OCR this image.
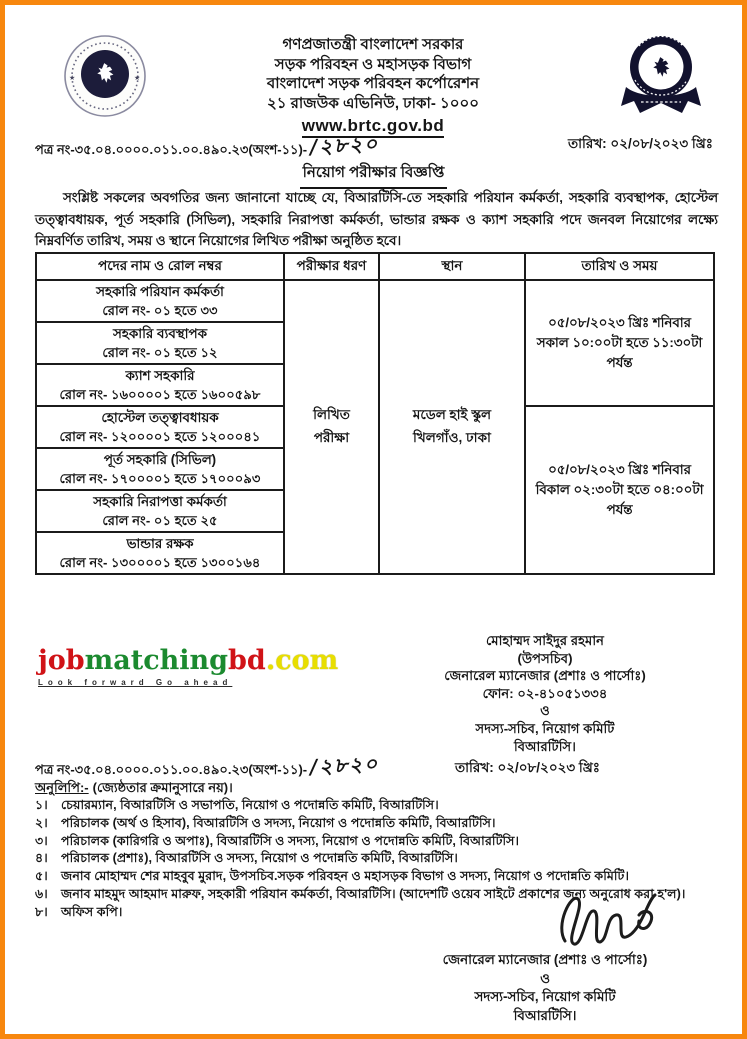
★	★
গণপ্রজাতন্ত্রী বাংলাদেশ সরকার
সড়ক পরিবহন ও মহাসড়ক বিভাগ
বাংলাদেশ সড়ক পরিবহন কর্পোরেশন
২১ রাজউক এভিনিউ, ঢাকা- ১০০০
www.brtc.gov.bd
পত্র নং-৩৫.০৪.০০০০.০১১.০০.৪৯০.২৩(অংশ-১১)- /২৮২০	তারিখ: ০২/০৮/২০২৩ খ্রিঃ
নিয়োগ পরীক্ষার বিজ্ঞপ্তি
সংশ্লিষ্ট সকলের অবগতির জন্য জানানো যাচ্ছে যে, বিআরটিসি-তে সহকারি পরিযান কর্মকর্তা, সহকারি ব্যবস্থাপক, হোস্টেল তত্ত্বাবধায়ক, পূর্ত সহকারি (সিভিল), সহকারি নিরাপত্তা কর্মকর্তা, ভান্ডার রক্ষক ও ক্যাশ সহকারি পদে জনবল নিয়োগের লক্ষ্যে নিম্নবর্ণিত তারিখ, সময় ও স্থানে নিয়োগের লিখিত পরীক্ষা অনুষ্ঠিত হবে।
পদের নাম ও রোল নম্বর	পরীক্ষার ধরণ	স্থান	তারিখ ও সময়

সহকারি পরিযান কর্মকর্তা
রোল নং- ০১ হতে ৩৩	লিখিত পরীক্ষা	মডেল হাই স্কুল খিলগাঁও, ঢাকা	০৫/০৮/২০২৩ খ্রিঃ শনিবার
সকাল ১০:০০টা হতে ১১:৩০টা
পর্যন্ত

সহকারি ব্যবস্থাপক
রোল নং- ০১ হতে ১২			

ক্যাশ সহকারি
রোল নং- ১৬০০০০১ হতে ১৬০০৫৯৮			

হোস্টেল তত্ত্বাবধায়ক
রোল নং- ১২০০০০১ হতে ১২০০০৪১			০৫/০৮/২০২৩ খ্রিঃ শনিবার
বিকাল ০২:৩০টা হতে ০৪:০০টা
পর্যন্ত

পূর্ত সহকারি (সিভিল)
রোল নং- ১৭০০০০১ হতে ১৭০০০৯৩			

সহকারি নিরাপত্তা কর্মকর্তা
রোল নং- ০১ হতে ২৫			

ভান্ডার রক্ষক
রোল নং- ১৩০০০০১ হতে ১৩০০১৬৪			
jobmatchingbd.com
Look forward Go ahead
মোহাম্মদ সাইদুর রহমান
(উপসচিব)
জেনারেল ম্যানেজার (প্রশাঃ ও পার্সোঃ)
ফোন: ০২-৪১০৫১৩৩৪
ও
সদস্য-সচিব, নিয়োগ কমিটি
বিআরটিসি।
তারিখ: ০২/০৮/২০২৩ খ্রিঃ
পত্র নং-৩৫.০৪.০০০০.০১১.০০.৪৯০.২৩(অংশ-১১)- /২৮২০
অনুলিপি:- (জ্যেষ্ঠতার ক্রমানুসারে নয়)।
১।	চেয়ারম্যান, বিআরটিসি ও সভাপতি, নিয়োগ ও পদোন্নতি কমিটি, বিআরটিসি।
২।	পরিচালক (অর্থ ও হিসাব), বিআরটিসি ও সদস্য, নিয়োগ ও পদোন্নতি কমিটি, বিআরটিসি।
৩।	পরিচালক (কারিগরি ও অপাঃ), বিআরটিসি ও সদস্য, নিয়োগ ও পদোন্নতি কমিটি, বিআরটিসি।
৪।	পরিচালক (প্রশাঃ), বিআরটিসি ও সদস্য, নিয়োগ ও পদোন্নতি কমিটি, বিআরটিসি।
৫।	জনাব মোহাম্মদ শের মাহবুব মুরাদ, উপসচিব.সড়ক পরিবহন ও মহাসড়ক বিভাগ ও সদস্য, নিয়োগ ও পদোন্নতি কমিটি।
৬।	জনাব মাহমুদ আহমাদ মারুফ, সহকারী পরিযান কর্মকর্তা, বিআরটিসি। (আদেশটি ওয়েব সাইটে প্রকাশের জন্য অনুরোধ করা হ'ল)।
৮।	অফিস কপি।
জেনারেল ম্যানেজার (প্রশাঃ ও পার্সোঃ)
ও
সদস্য-সচিব, নিয়োগ কমিটি
বিআরটিসি।
